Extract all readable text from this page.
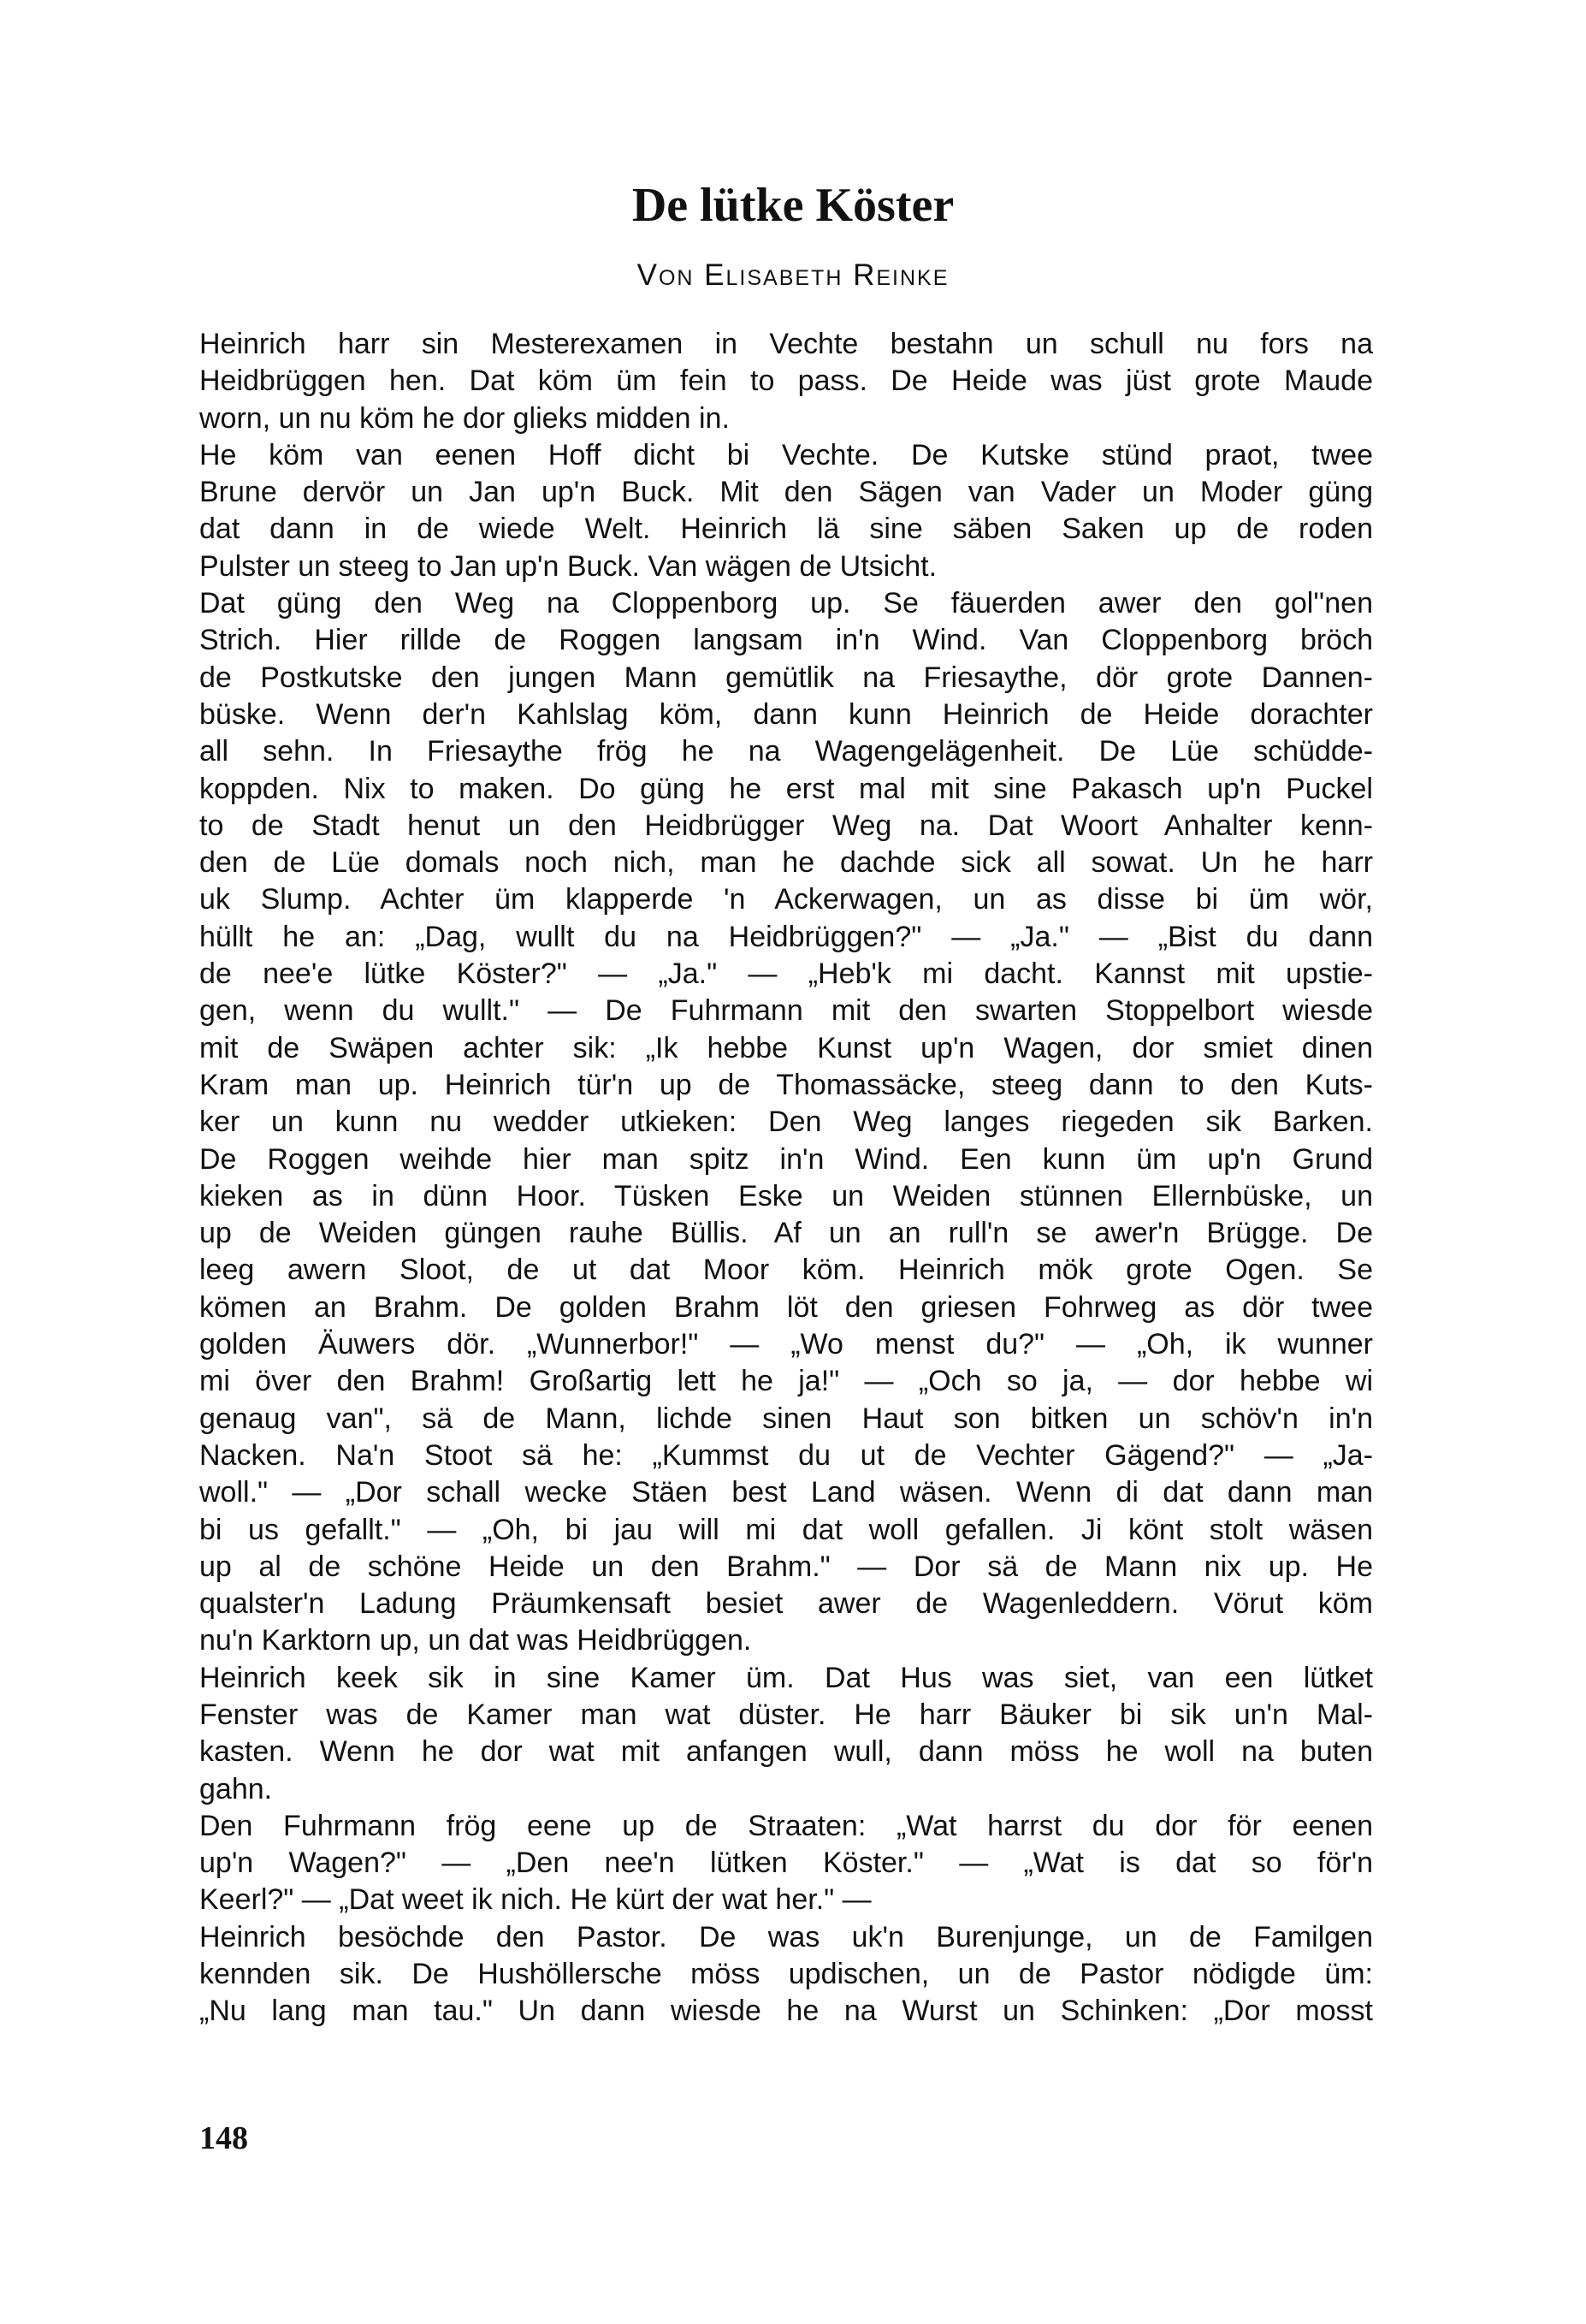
De lütke Köster
Von Elisabeth Reinke
Heinrich harr sin Mesterexamen in Vechte bestahn un schull nu fors na
Heidbrüggen hen. Dat köm üm fein to pass. De Heide was jüst grote Maude
worn, un nu köm he dor glieks midden in.
He köm van eenen Hoff dicht bi Vechte. De Kutske stünd praot, twee
Brune dervör un Jan up'n Buck. Mit den Sägen van Vader un Moder güng
dat dann in de wiede Welt. Heinrich lä sine säben Saken up de roden
Pulster un steeg to Jan up'n Buck. Van wägen de Utsicht.
Dat güng den Weg na Cloppenborg up. Se fäuerden awer den gol''nen
Strich. Hier rillde de Roggen langsam in'n Wind. Van Cloppenborg bröch
de Postkutske den jungen Mann gemütlik na Friesaythe, dör grote Dannen-
büske. Wenn der'n Kahlslag köm, dann kunn Heinrich de Heide dorachter
all sehn. In Friesaythe frög he na Wagengelägenheit. De Lüe schüdde-
koppden. Nix to maken. Do güng he erst mal mit sine Pakasch up'n Puckel
to de Stadt henut un den Heidbrügger Weg na. Dat Woort Anhalter kenn-
den de Lüe domals noch nich, man he dachde sick all sowat. Un he harr
uk Slump. Achter üm klapperde 'n Ackerwagen, un as disse bi üm wör,
hüllt he an: „Dag, wullt du na Heidbrüggen?" — „Ja." — „Bist du dann
de nee'e lütke Köster?" — „Ja." — „Heb'k mi dacht. Kannst mit upstie-
gen, wenn du wullt." — De Fuhrmann mit den swarten Stoppelbort wiesde
mit de Swäpen achter sik: „Ik hebbe Kunst up'n Wagen, dor smiet dinen
Kram man up. Heinrich tür'n up de Thomassäcke, steeg dann to den Kuts-
ker un kunn nu wedder utkieken: Den Weg langes riegeden sik Barken.
De Roggen weihde hier man spitz in'n Wind. Een kunn üm up'n Grund
kieken as in dünn Hoor. Tüsken Eske un Weiden stünnen Ellernbüske, un
up de Weiden güngen rauhe Büllis. Af un an rull'n se awer'n Brügge. De
leeg awern Sloot, de ut dat Moor köm. Heinrich mök grote Ogen. Se
kömen an Brahm. De golden Brahm löt den griesen Fohrweg as dör twee
golden Äuwers dör. „Wunnerbor!" — „Wo menst du?" — „Oh, ik wunner
mi över den Brahm! Großartig lett he ja!" — „Och so ja, — dor hebbe wi
genaug van", sä de Mann, lichde sinen Haut son bitken un schöv'n in'n
Nacken. Na'n Stoot sä he: „Kummst du ut de Vechter Gägend?" — „Ja-
woll." — „Dor schall wecke Stäen best Land wäsen. Wenn di dat dann man
bi us gefallt." — „Oh, bi jau will mi dat woll gefallen. Ji könt stolt wäsen
up al de schöne Heide un den Brahm." — Dor sä de Mann nix up. He
qualster'n Ladung Präumkensaft besiet awer de Wagenleddern. Vörut köm
nu'n Karktorn up, un dat was Heidbrüggen.
Heinrich keek sik in sine Kamer üm. Dat Hus was siet, van een lütket
Fenster was de Kamer man wat düster. He harr Bäuker bi sik un'n Mal-
kasten. Wenn he dor wat mit anfangen wull, dann möss he woll na buten
gahn.
Den Fuhrmann frög eene up de Straaten: „Wat harrst du dor för eenen
up'n Wagen?" — „Den nee'n lütken Köster." — „Wat is dat so för'n
Keerl?" — „Dat weet ik nich. He kürt der wat her." —
Heinrich besöchde den Pastor. De was uk'n Burenjunge, un de Familgen
kennden sik. De Hushöllersche möss updischen, un de Pastor nödigde üm:
„Nu lang man tau." Un dann wiesde he na Wurst un Schinken: „Dor mosst
148
